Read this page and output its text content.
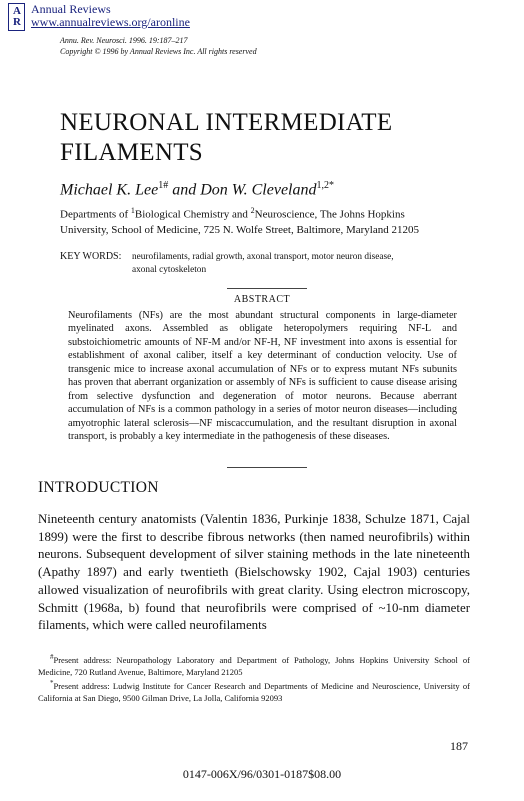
A R
Annual Reviews
www.annualreviews.org/aronline
Annu. Rev. Neurosci. 1996. 19:187–217
Copyright © 1996 by Annual Reviews Inc. All rights reserved
NEURONAL INTERMEDIATE
FILAMENTS
Michael K. Lee$^{1\#}$ and Don W. Cleveland$^{1,2*}$
Departments of $^1$Biological Chemistry and $^2$Neuroscience, The Johns Hopkins
University, School of Medicine, 725 N. Wolfe Street, Baltimore, Maryland 21205
KEY WORDS: neurofilaments, radial growth, axonal transport, motor neuron disease,
axonal cytoskeleton
ABSTRACT
Neurofilaments (NFs) are the most abundant structural components in large-diameter myelinated axons. Assembled as obligate heteropolymers requiring NF-L and substoichiometric amounts of NF-M and/or NF-H, NF investment into axons is essential for establishment of axonal caliber, itself a key determinant of conduction velocity. Use of transgenic mice to increase axonal accumulation of NFs or to express mutant NFs subunits has proven that aberrant organization or assembly of NFs is sufficient to cause disease arising from selective dysfunction and degeneration of motor neurons. Because aberrant accumulation of NFs is a common pathology in a series of motor neuron diseases—including amyotrophic lateral sclerosis—NF miscaccumulation, and the resultant disruption in axonal transport, is probably a key intermediate in the pathogenesis of these diseases.
INTRODUCTION
Nineteenth century anatomists (Valentin 1836, Purkinje 1838, Schulze 1871, Cajal 1899) were the first to describe fibrous networks (then named neurofibrils) within neurons. Subsequent development of silver staining methods in the late nineteenth (Apathy 1897) and early twentieth (Bielschowsky 1902, Cajal 1903) centuries allowed visualization of neurofibrils with great clarity. Using electron microscopy, Schmitt (1968a, b) found that neurofibrils were comprised of ~10-nm diameter filaments, which were called neurofilaments
#Present address: Neuropathology Laboratory and Department of Pathology, Johns Hopkins University School of Medicine, 720 Rutland Avenue, Baltimore, Maryland 21205
*Present address: Ludwig Institute for Cancer Research and Departments of Medicine and Neuroscience, University of California at San Diego, 9500 Gilman Drive, La Jolla, California 92093
187
0147-006X/96/0301-0187$08.00
